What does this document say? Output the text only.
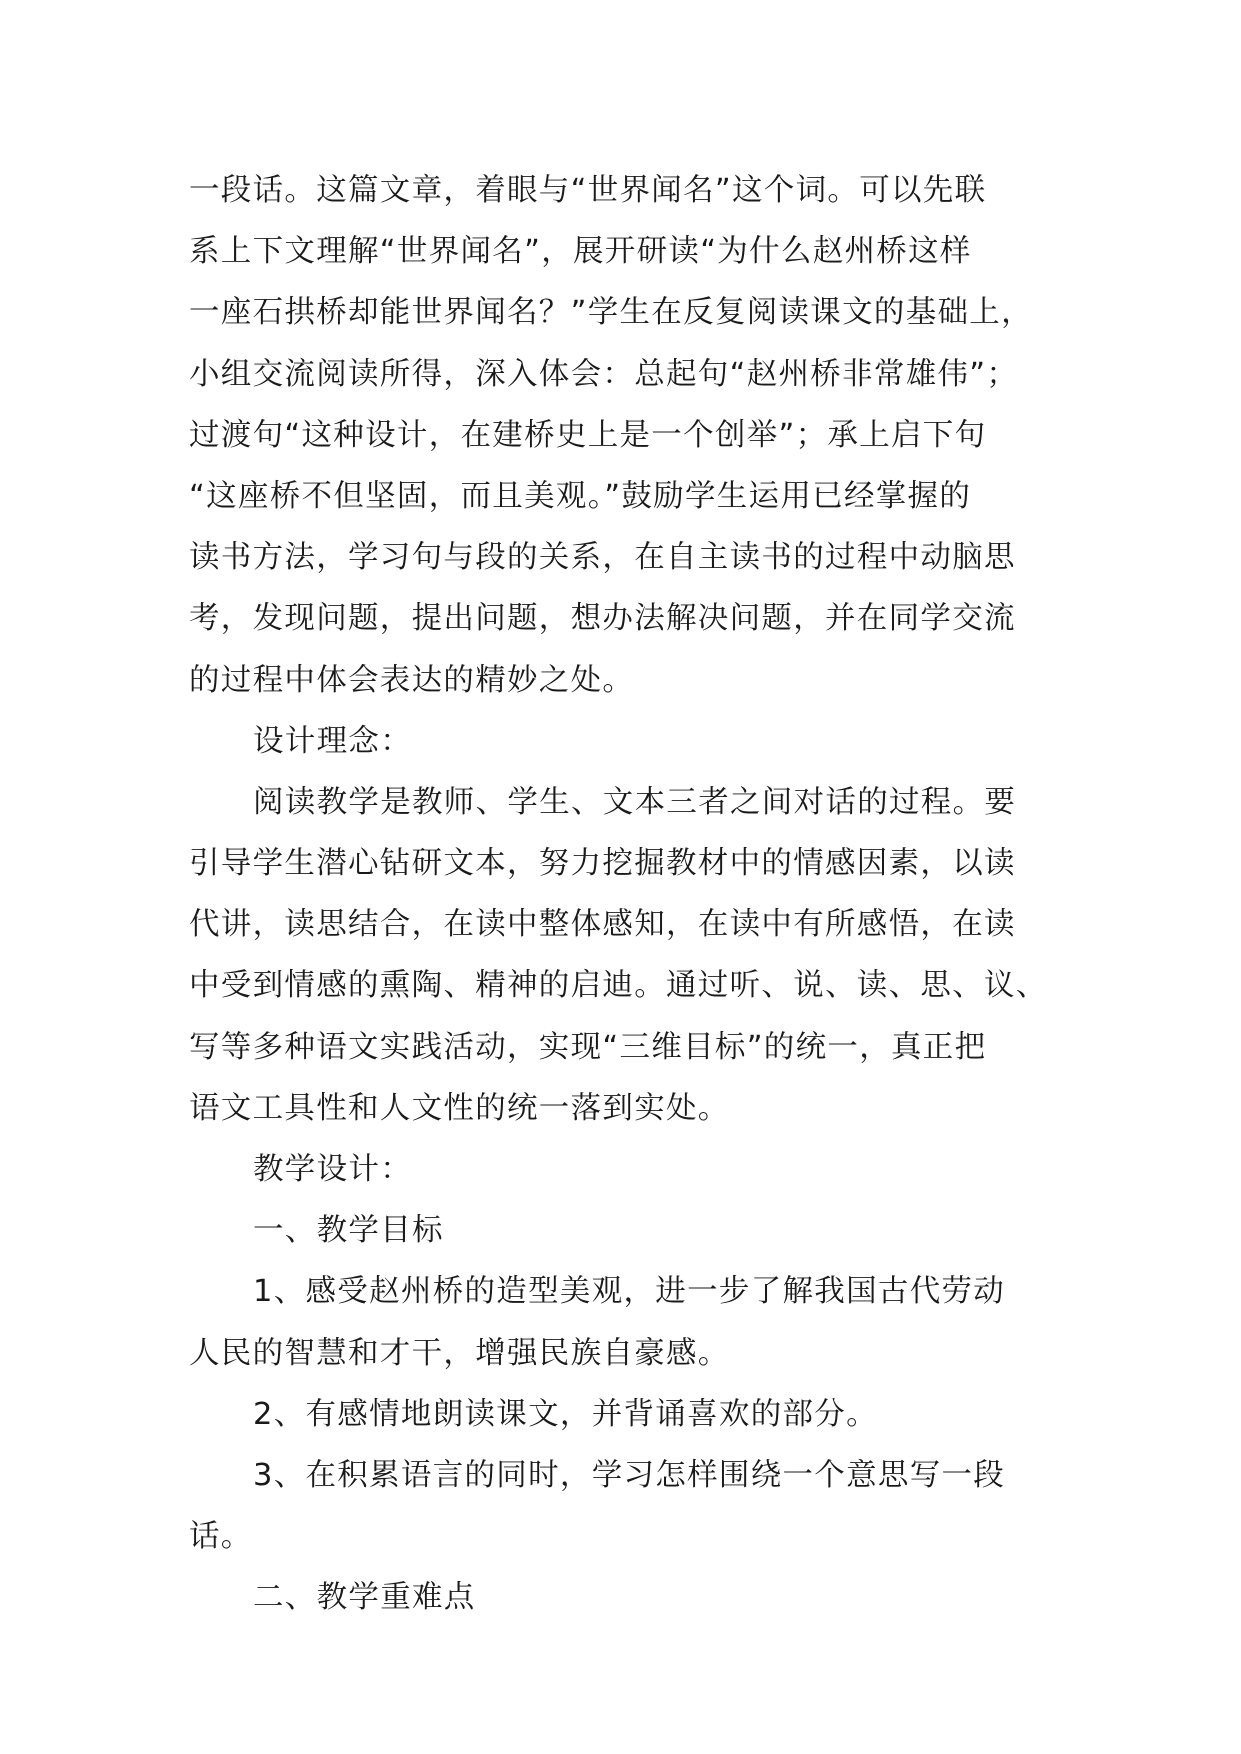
一段话。这篇文章，着眼与“世界闻名”这个词。可以先联
系上下文理解“世界闻名”，展开研读“为什么赵州桥这样
一座石拱桥却能世界闻名？”学生在反复阅读课文的基础上，
小组交流阅读所得，深入体会：总起句“赵州桥非常雄伟”；
过渡句“这种设计，在建桥史上是一个创举”；承上启下句
“这座桥不但坚固，而且美观。”鼓励学生运用已经掌握的
读书方法，学习句与段的关系，在自主读书的过程中动脑思
考，发现问题，提出问题，想办法解决问题，并在同学交流
的过程中体会表达的精妙之处。
设计理念：
阅读教学是教师、学生、文本三者之间对话的过程。要
引导学生潜心钻研文本，努力挖掘教材中的情感因素，以读
代讲，读思结合，在读中整体感知，在读中有所感悟，在读
中受到情感的熏陶、精神的启迪。通过听、说、读、思、议、
写等多种语文实践活动，实现“三维目标”的统一，真正把
语文工具性和人文性的统一落到实处。
教学设计：
一、教学目标
1、感受赵州桥的造型美观，进一步了解我国古代劳动
人民的智慧和才干，增强民族自豪感。
2、有感情地朗读课文，并背诵喜欢的部分。
3、在积累语言的同时，学习怎样围绕一个意思写一段
话。
二、教学重难点
